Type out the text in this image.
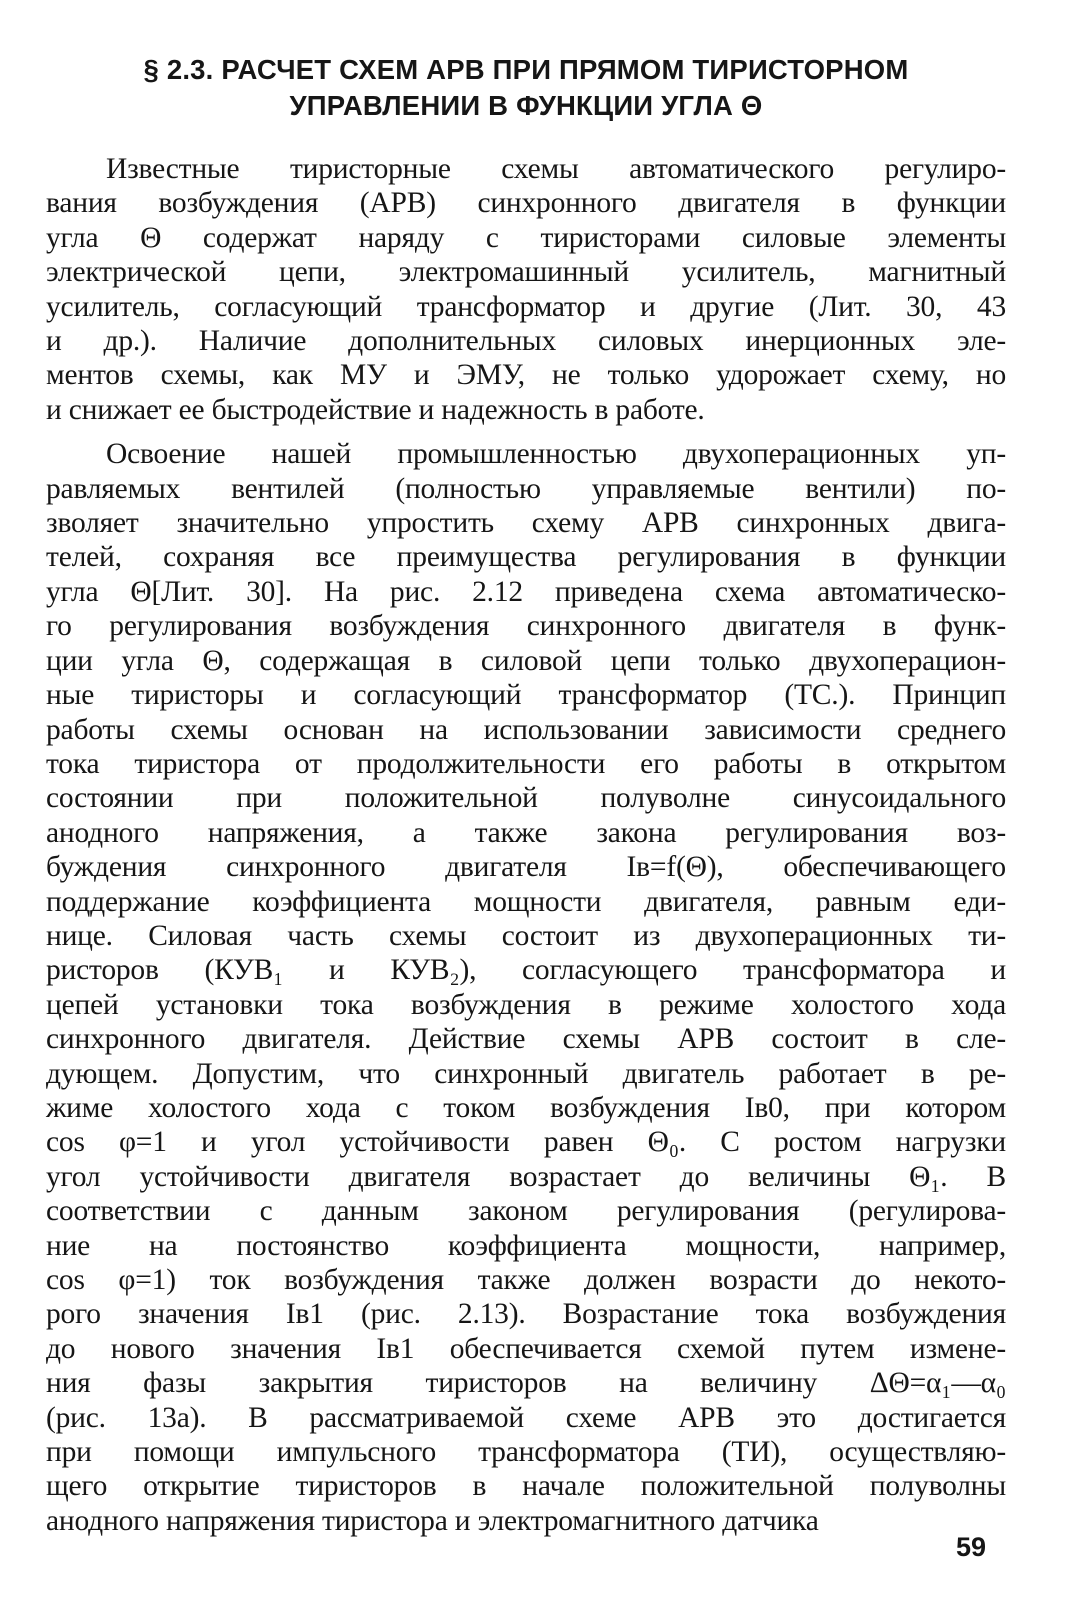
§ 2.3. РАСЧЕТ СХЕМ АРВ ПРИ ПРЯМОМ ТИРИСТОРНОМ
УПРАВЛЕНИИ В ФУНКЦИИ УГЛА Θ
Известные тиристорные схемы автоматического регулиро-
вания возбуждения (АРВ) синхронного двигателя в функции
угла Θ содержат наряду с тиристорами силовые элементы
электрической цепи, электромашинный усилитель, магнитный
усилитель, согласующий трансформатор и другие (Лит. 30, 43
и др.). Наличие дополнительных силовых инерционных эле-
ментов схемы, как МУ и ЭМУ, не только удорожает схему, но
и снижает ее быстродействие и надежность в работе.
Освоение нашей промышленностью двухоперационных уп-
равляемых вентилей (полностью управляемые вентили) по-
зволяет значительно упростить схему АРВ синхронных двига-
телей, сохраняя все преимущества регулирования в функции
угла Θ[Лит. 30]. На рис. 2.12 приведена схема автоматическо-
го регулирования возбуждения синхронного двигателя в функ-
ции угла Θ, содержащая в силовой цепи только двухоперацион-
ные тиристоры и согласующий трансформатор (ТС.). Принцип
работы схемы основан на использовании зависимости среднего
тока тиристора от продолжительности его работы в открытом
состоянии при положительной полуволне синусоидального
анодного напряжения, а также закона регулирования воз-
буждения синхронного двигателя Iв=f(Θ), обеспечивающего
поддержание коэффициента мощности двигателя, равным еди-
нице. Силовая часть схемы состоит из двухоперационных ти-
ристоров (КУВ₁ и КУВ₂), согласующего трансформатора и
цепей установки тока возбуждения в режиме холостого хода
синхронного двигателя. Действие схемы АРВ состоит в сле-
дующем. Допустим, что синхронный двигатель работает в ре-
жиме холостого хода с током возбуждения Iв0, при котором
cos φ=1 и угол устойчивости равен Θ₀. С ростом нагрузки
угол устойчивости двигателя возрастает до величины Θ₁. В
соответствии с данным законом регулирования (регулирова-
ние на постоянство коэффициента мощности, например,
cos φ=1) ток возбуждения также должен возрасти до некото-
рого значения Iв1 (рис. 2.13). Возрастание тока возбуждения
до нового значения Iв1 обеспечивается схемой путем измене-
ния фазы закрытия тиристоров на величину ΔΘ=α₁—α₀
(рис. 13а). В рассматриваемой схеме АРВ это достигается
при помощи импульсного трансформатора (ТИ), осуществляю-
щего открытие тиристоров в начале положительной полуволны
анодного напряжения тиристора и электромагнитного датчика
59
